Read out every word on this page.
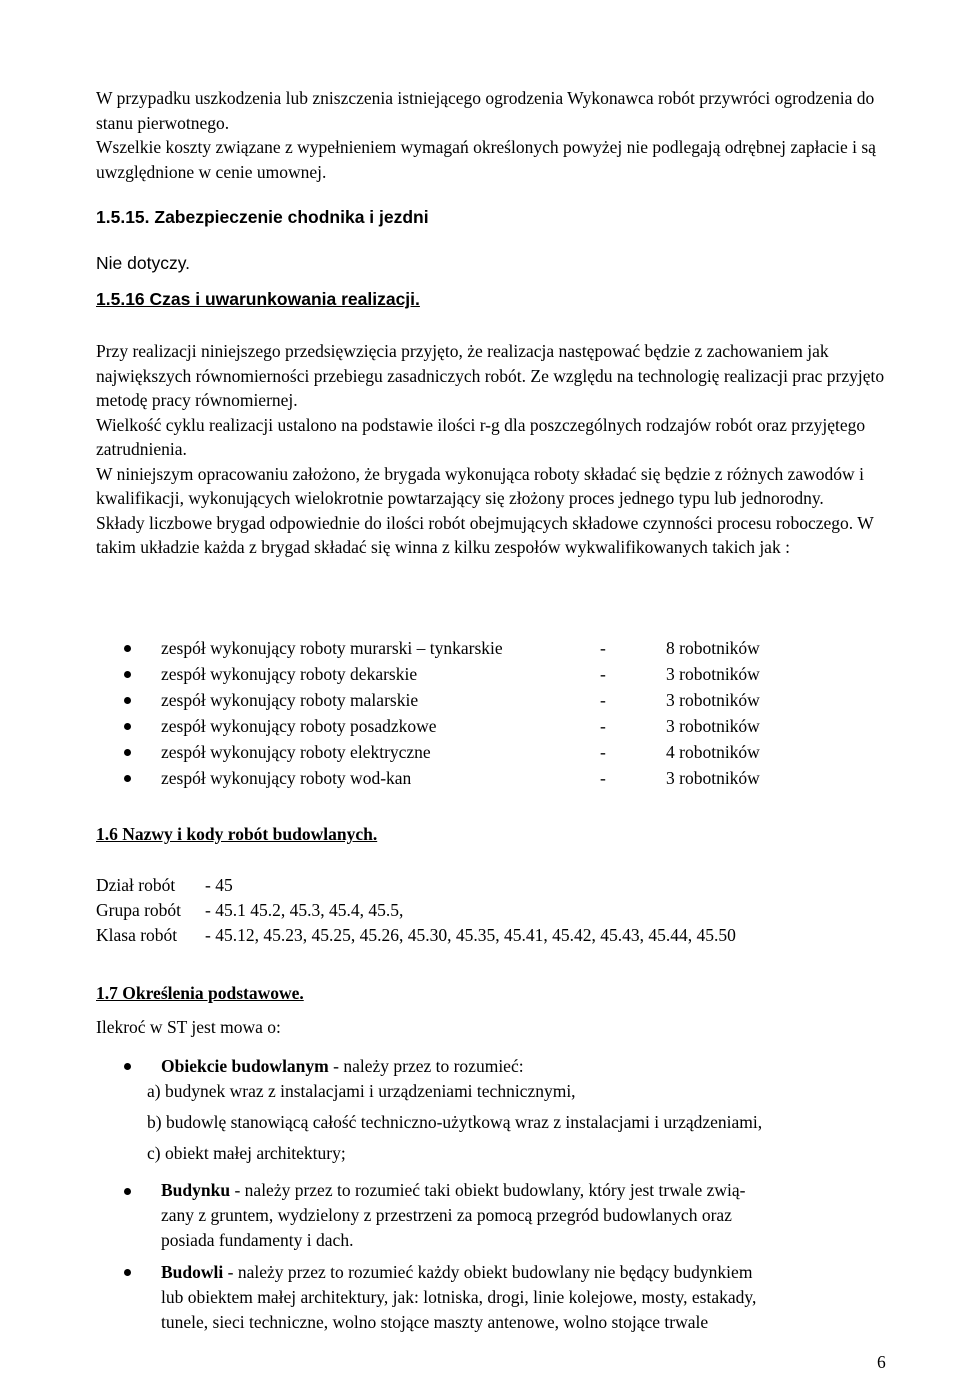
W przypadku uszkodzenia lub zniszczenia istniejącego ogrodzenia Wykonawca robót przywróci ogrodzenia do stanu pierwotnego.

Wszelkie koszty związane z wypełnieniem wymagań określonych powyżej nie podlegają odrębnej zapłacie i są uwzględnione w cenie umownej.

1.5.15. Zabezpieczenie chodnika i jezdni
Nie dotyczy.
1.5.16 Czas i uwarunkowania realizacji.

Przy realizacji niniejszego przedsięwzięcia przyjęto, że realizacja następować będzie z zachowaniem jak największych równomierności przebiegu zasadniczych robót. Ze względu na technologię realizacji prac przyjęto metodę pracy równomiernej.

Wielkość cyklu realizacji ustalono na podstawie ilości r-g dla poszczególnych rodzajów robót oraz przyjętego zatrudnienia.

W niniejszym opracowaniu założono, że brygada wykonująca roboty składać się będzie z różnych zawodów i kwalifikacji, wykonujących wielokrotnie powtarzający się złożony proces jednego typu lub jednorodny.

Składy liczbowe brygad odpowiednie do ilości robót obejmujących składowe czynności procesu roboczego. W takim układzie każda z brygad składać się winna z kilku zespołów wykwalifikowanych takich jak :

zespół wykonujący roboty murarski – tynkarskie	-	8 robotników
zespół wykonujący roboty dekarskie	-	3 robotników
zespół wykonujący roboty malarskie	-	3 robotników
zespół wykonujący roboty posadzkowe	-	3 robotników
zespół wykonujący roboty elektryczne	-	4 robotników
zespół wykonujący roboty wod-kan	-	3 robotników
1.6 Nazwy i kody robót budowlanych.
Dział robót - 45
Grupa robót - 45.1 45.2, 45.3, 45.4, 45.5,
Klasa robót - 45.12, 45.23, 45.25, 45.26, 45.30, 45.35, 45.41, 45.42, 45.43, 45.44, 45.50
1.7 Określenia podstawowe.
Ilekroć w ST jest mowa o:
Obiekcie budowlanym - należy przez to rozumieć:
a) budynek wraz z instalacjami i urządzeniami technicznymi,
b) budowlę stanowiącą całość techniczno-użytkową wraz z instalacjami i urządzeniami,
c) obiekt małej architektury;
Budynku - należy przez to rozumieć taki obiekt budowlany, który jest trwale zwią-
zany z gruntem, wydzielony z przestrzeni za pomocą przegród budowlanych oraz
posiada fundamenty i dach.
Budowli - należy przez to rozumieć każdy obiekt budowlany nie będący budynkiem
lub obiektem małej architektury, jak: lotniska, drogi, linie kolejowe, mosty, estakady,
tunele, sieci techniczne, wolno stojące maszty antenowe, wolno stojące trwale
6
